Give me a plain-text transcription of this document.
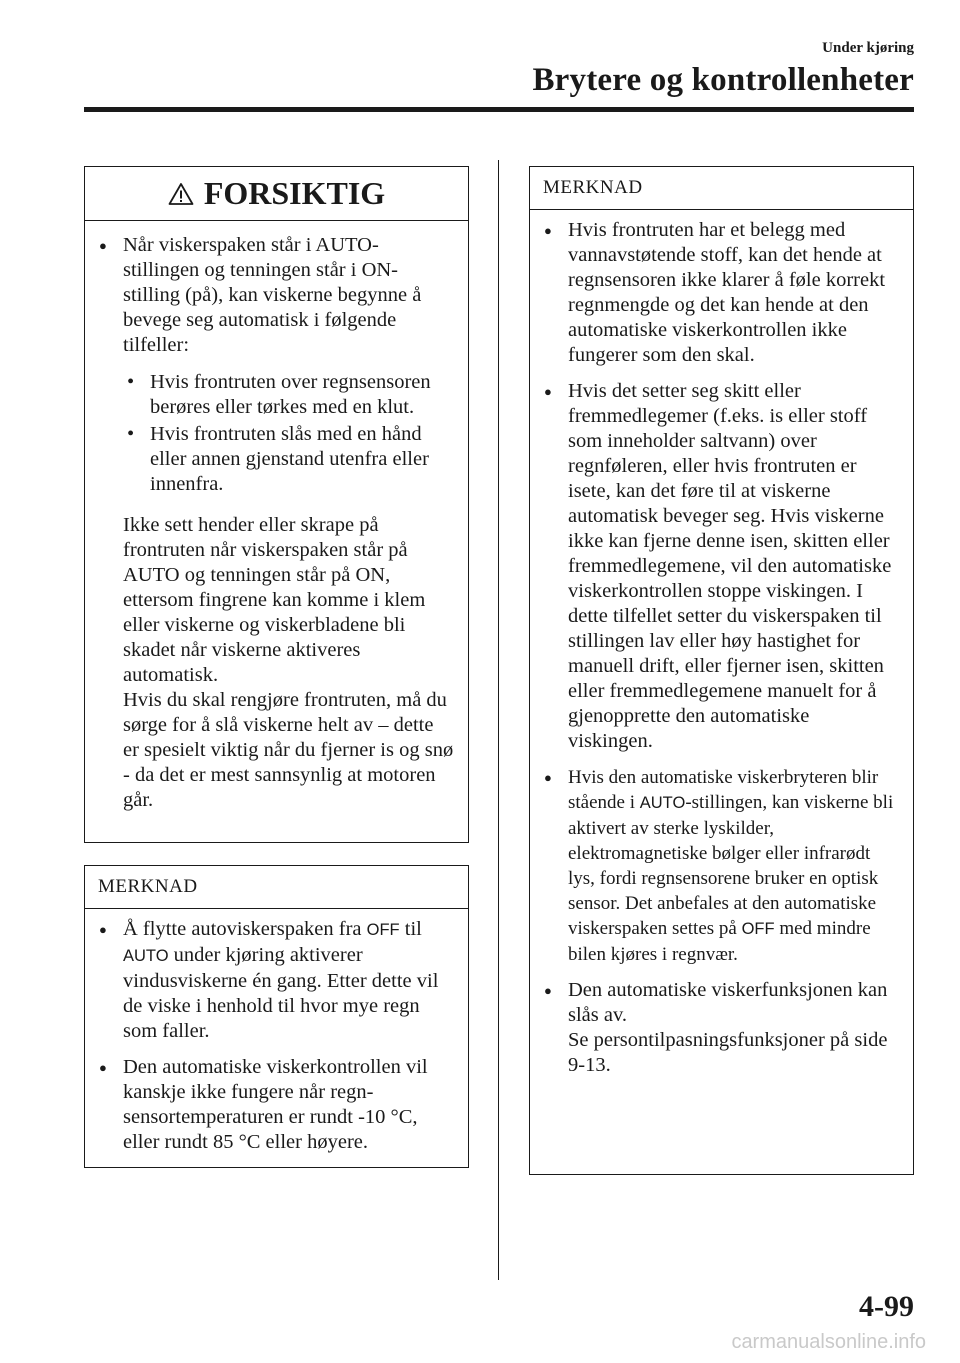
Under kjøring
Brytere og kontrollenheter
FORSIKTIG
● Når viskerspaken står i AUTO-stillingen og tenningen står i ON-stilling (på), kan viskerne begynne å bevege seg automatisk i følgende tilfeller:
• Hvis frontruten over regnsensoren berøres eller tørkes med en klut.
• Hvis frontruten slås med en hånd eller annen gjenstand utenfra eller innenfra.
Ikke sett hender eller skrape på frontruten når viskerspaken står på AUTO og tenningen står på ON, ettersom fingrene kan komme i klem eller viskerne og viskerbladene bli skadet når viskerne aktiveres automatisk.
Hvis du skal rengjøre frontruten, må du sørge for å slå viskerne helt av – dette er spesielt viktig når du fjerner is og snø - da det er mest sannsynlig at motoren går.
MERKNAD
● Å flytte autoviskerspaken fra OFF til AUTO under kjøring aktiverer vindusviskerne én gang. Etter dette vil de viske i henhold til hvor mye regn som faller.
● Den automatiske viskerkontrollen vil kanskje ikke fungere når regn-sensortemperaturen er rundt -10 °C, eller rundt 85 °C eller høyere.
MERKNAD
● Hvis frontruten har et belegg med vannavstøtende stoff, kan det hende at regnsensoren ikke klarer å føle korrekt regnmengde og det kan hende at den automatiske viskerkontrollen ikke fungerer som den skal.
● Hvis det setter seg skitt eller fremmedlegemer (f.eks. is eller stoff som inneholder saltvann) over regnføleren, eller hvis frontruten er isete, kan det føre til at viskerne automatisk beveger seg. Hvis viskerne ikke kan fjerne denne isen, skitten eller fremmedlegemene, vil den automatiske viskerkontrollen stoppe viskingen. I dette tilfellet setter du viskerspaken til stillingen lav eller høy hastighet for manuell drift, eller fjerner isen, skitten eller fremmedlegemene manuelt for å gjenopprette den automatiske viskingen.
● Hvis den automatiske viskerbryteren blir stående i AUTO-stillingen, kan viskerne bli aktivert av sterke lyskilder, elektromagnetiske bølger eller infrarødt lys, fordi regnsensorene bruker en optisk sensor. Det anbefales at den automatiske viskerspaken settes på OFF med mindre bilen kjøres i regnvær.
● Den automatiske viskerfunksjonen kan slås av.
Se persontilpasningsfunksjoner på side 9-13.
4-99
carmanualsonline.info
